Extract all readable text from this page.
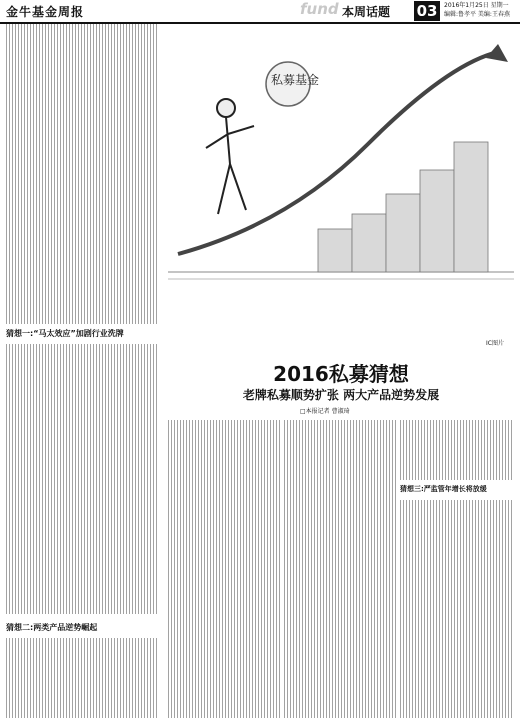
金牛基金周报	fund 本周话题 03	2016年1月25日 星期一
编辑:鲁孝平 美编:王春燕
私募基金
IC图片
2016私募猜想
老牌私募顺势扩张 两大产品逆势发展
□本报记者 曹淑琦
猜想一:“马太效应”加剧行业洗牌
猜想二:两类产品逆势崛起
猜想三:严监管年增长将放缓
